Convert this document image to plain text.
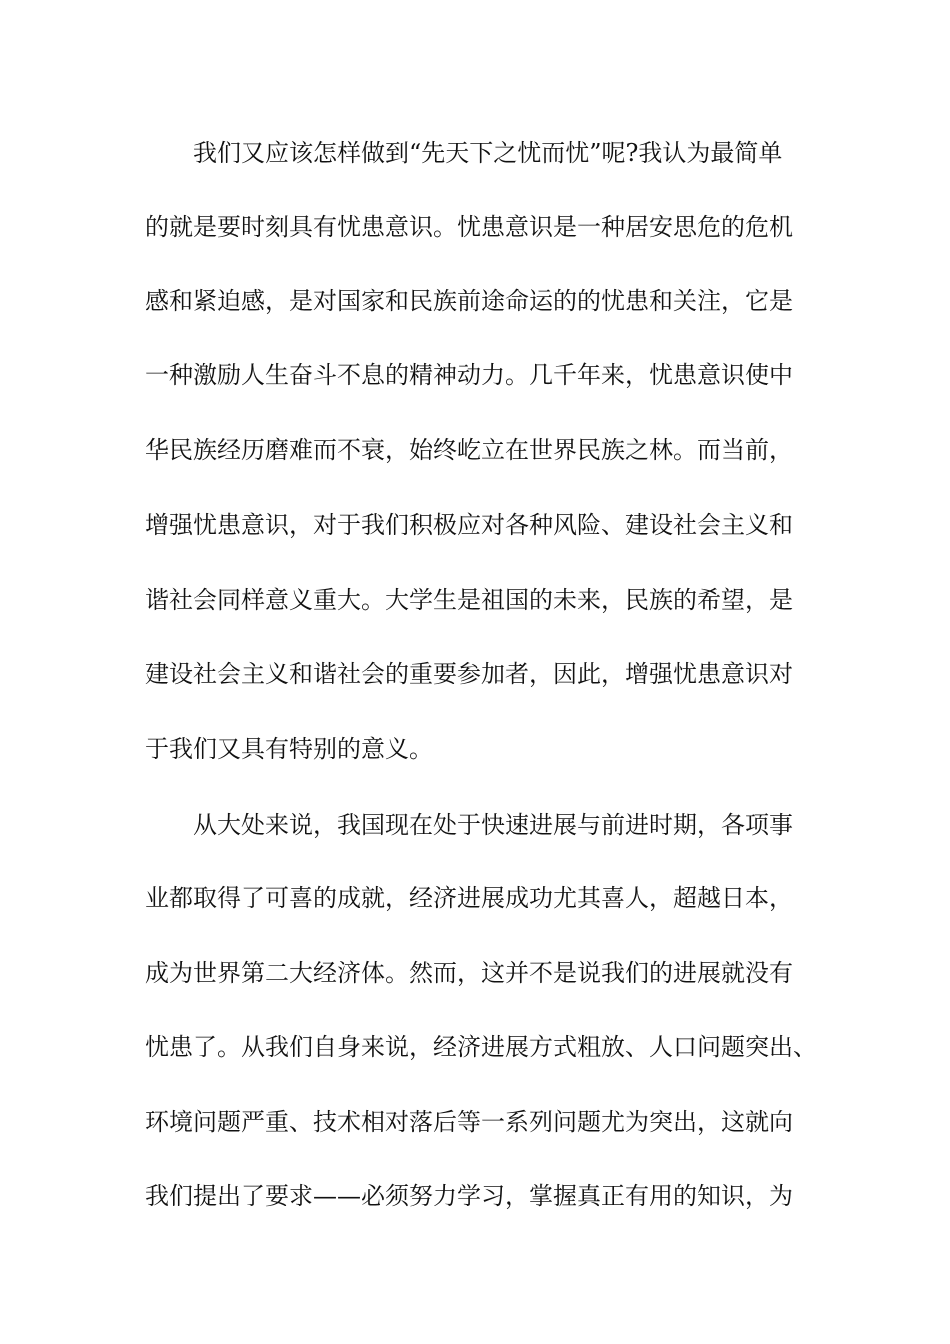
我们又应该怎样做到“先天下之忧而忧”呢?我认为最简单
的就是要时刻具有忧患意识。忧患意识是一种居安思危的危机
感和紧迫感，是对国家和民族前途命运的的忧患和关注，它是
一种激励人生奋斗不息的精神动力。几千年来，忧患意识使中
华民族经历磨难而不衰，始终屹立在世界民族之林。而当前，
增强忧患意识，对于我们积极应对各种风险、建设社会主义和
谐社会同样意义重大。大学生是祖国的未来，民族的希望，是
建设社会主义和谐社会的重要参加者，因此，增强忧患意识对
于我们又具有特别的意义。
从大处来说，我国现在处于快速进展与前进时期，各项事
业都取得了可喜的成就，经济进展成功尤其喜人，超越日本，
成为世界第二大经济体。然而，这并不是说我们的进展就没有
忧患了。从我们自身来说，经济进展方式粗放、人口问题突出、
环境问题严重、技术相对落后等一系列问题尤为突出，这就向
我们提出了要求——必须努力学习，掌握真正有用的知识，为
